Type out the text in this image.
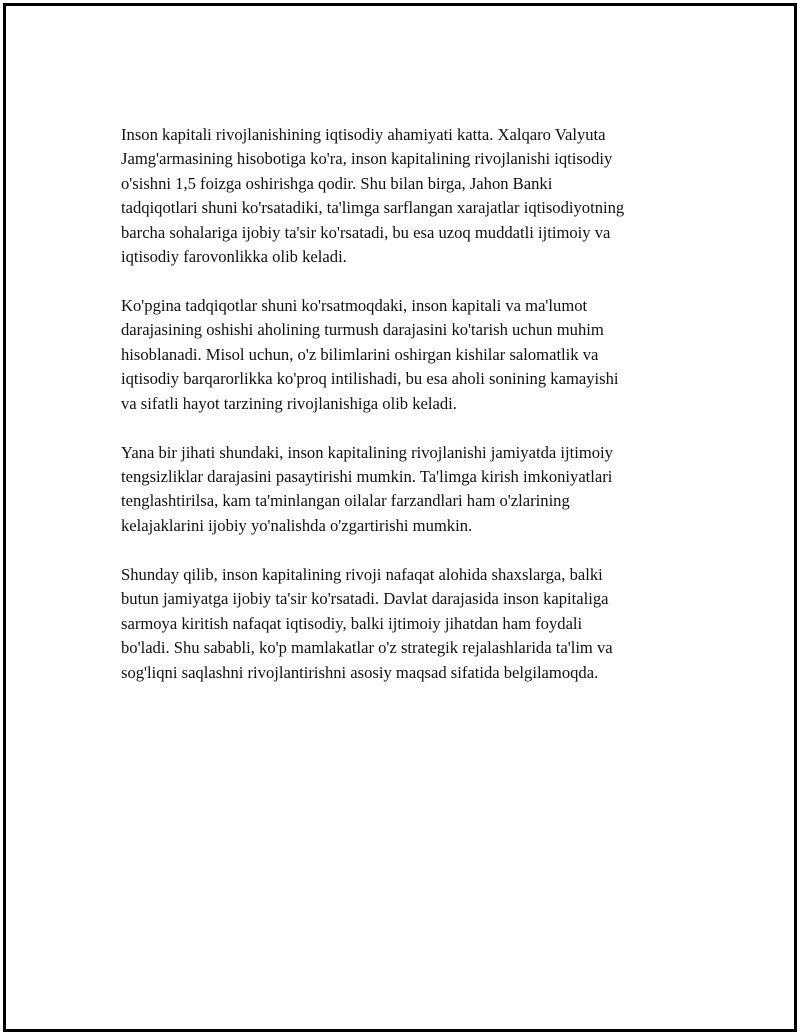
Inson kapitali rivojlanishining iqtisodiy ahamiyati katta. Xalqaro Valyuta
Jamg'armasining hisobotiga ko'ra, inson kapitalining rivojlanishi iqtisodiy
o'sishni 1,5 foizga oshirishga qodir. Shu bilan birga, Jahon Banki
tadqiqotlari shuni ko'rsatadiki, ta'limga sarflangan xarajatlar iqtisodiyotning
barcha sohalariga ijobiy ta'sir ko'rsatadi, bu esa uzoq muddatli ijtimoiy va
iqtisodiy farovonlikka olib keladi.

Ko'pgina tadqiqotlar shuni ko'rsatmoqdaki, inson kapitali va ma'lumot
darajasining oshishi aholining turmush darajasini ko'tarish uchun muhim
hisoblanadi. Misol uchun, o'z bilimlarini oshirgan kishilar salomatlik va
iqtisodiy barqarorlikka ko'proq intilishadi, bu esa aholi sonining kamayishi
va sifatli hayot tarzining rivojlanishiga olib keladi.

Yana bir jihati shundaki, inson kapitalining rivojlanishi jamiyatda ijtimoiy
tengsizliklar darajasini pasaytirishi mumkin. Ta'limga kirish imkoniyatlari
tenglashtirilsa, kam ta'minlangan oilalar farzandlari ham o'zlarining
kelajaklarini ijobiy yo'nalishda o'zgartirishi mumkin.

Shunday qilib, inson kapitalining rivoji nafaqat alohida shaxslarga, balki
butun jamiyatga ijobiy ta'sir ko'rsatadi. Davlat darajasida inson kapitaliga
sarmoya kiritish nafaqat iqtisodiy, balki ijtimoiy jihatdan ham foydali
bo'ladi. Shu sababli, ko'p mamlakatlar o'z strategik rejalashlarida ta'lim va
sog'liqni saqlashni rivojlantirishni asosiy maqsad sifatida belgilamoqda.
